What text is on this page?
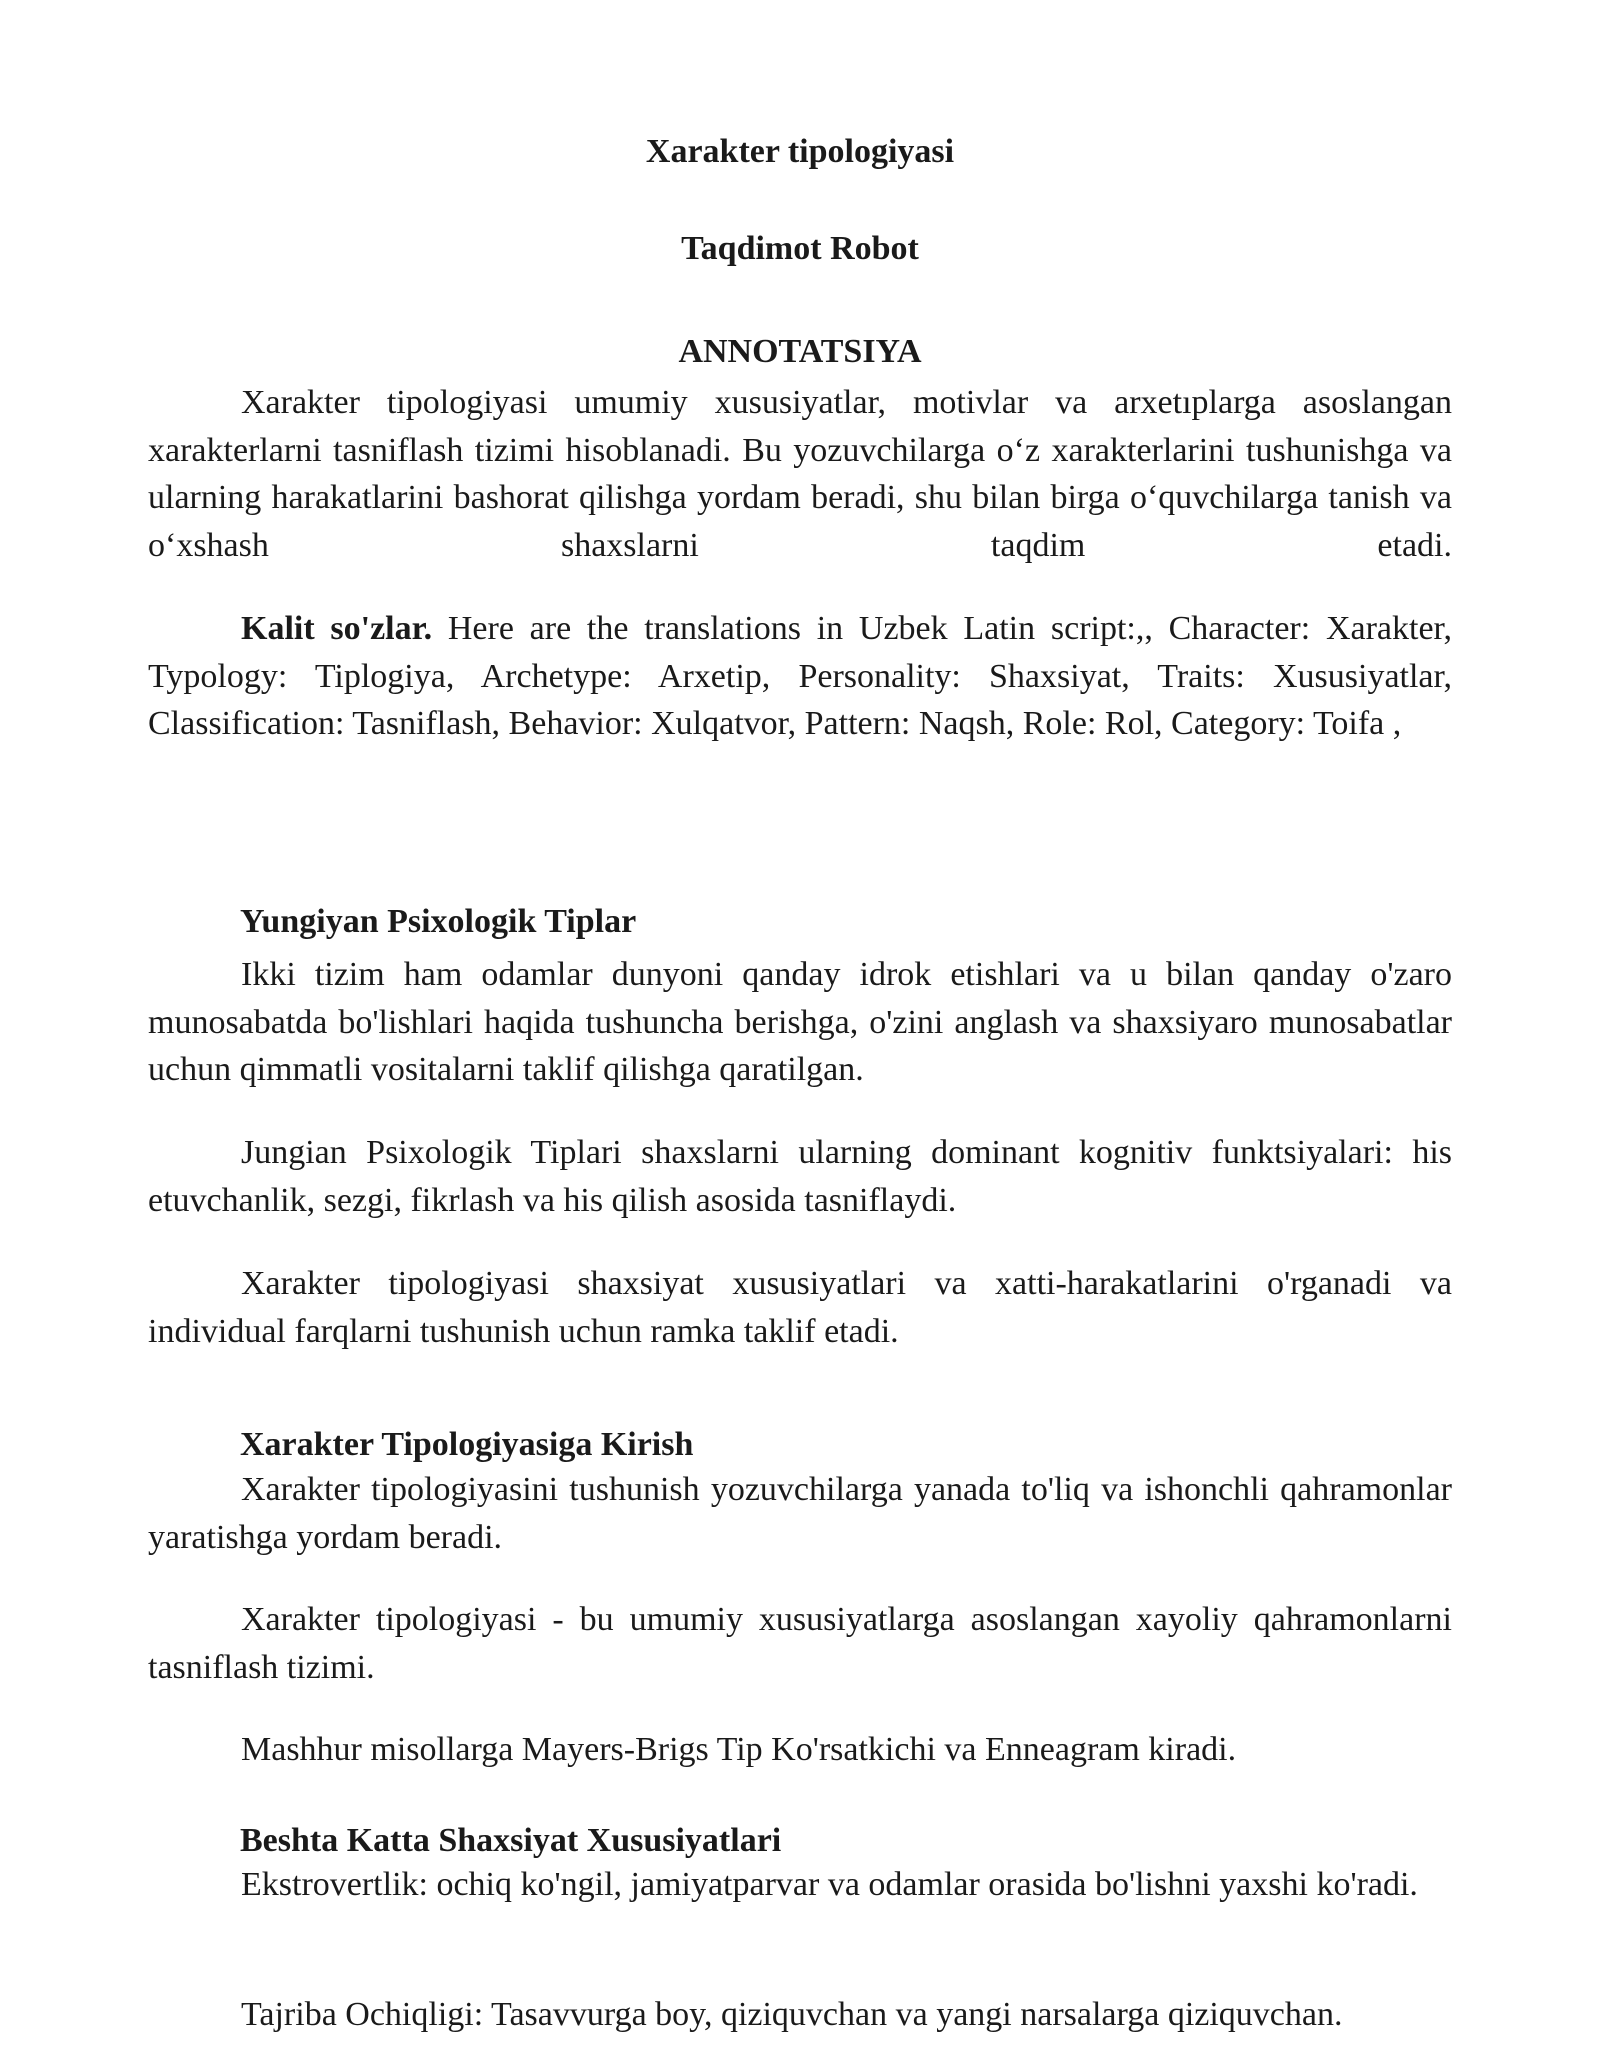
Xarakter tipologiyasi
Taqdimot Robot
ANNOTATSIYA
Xarakter tipologiyasi umumiy xususiyatlar, motivlar va arxetıplarga asoslangan xarakterlarni tasniflash tizimi hisoblanadi. Bu yozuvchilarga o‘z xarakterlarini tushunishga va ularning harakatlarini bashorat qilishga yordam beradi, shu bilan birga o‘quvchilarga tanish va o‘xshash shaxslarni taqdim etadi.
Kalit so'zlar. Here are the translations in Uzbek Latin script:,, Character: Xarakter, Typology: Tiplogiya, Archetype: Arxetip, Personality: Shaxsiyat, Traits: Xususiyatlar, Classification: Tasniflash, Behavior: Xulqatvor, Pattern: Naqsh, Role: Rol, Category: Toifa ,
Yungiyan Psixologik Tiplar
Ikki tizim ham odamlar dunyoni qanday idrok etishlari va u bilan qanday o'zaro munosabatda bo'lishlari haqida tushuncha berishga, o'zini anglash va shaxsiyaro munosabatlar uchun qimmatli vositalarni taklif qilishga qaratilgan.
Jungian Psixologik Tiplari shaxslarni ularning dominant kognitiv funktsiyalari: his etuvchanlik, sezgi, fikrlash va his qilish asosida tasniflaydi.
Xarakter tipologiyasi shaxsiyat xususiyatlari va xatti-harakatlarini o'rganadi va individual farqlarni tushunish uchun ramka taklif etadi.
Xarakter Tipologiyasiga Kirish
Xarakter tipologiyasini tushunish yozuvchilarga yanada to'liq va ishonchli qahramonlar yaratishga yordam beradi.
Xarakter tipologiyasi - bu umumiy xususiyatlarga asoslangan xayoliy qahramonlarni tasniflash tizimi.
Mashhur misollarga Mayers-Brigs Tip Ko'rsatkichi va Enneagram kiradi.
Beshta Katta Shaxsiyat Xususiyatlari
Ekstrovertlik: ochiq ko'ngil, jamiyatparvar va odamlar orasida bo'lishni yaxshi ko'radi.
Tajriba Ochiqligi: Tasavvurga boy, qiziquvchan va yangi narsalarga qiziquvchan.
